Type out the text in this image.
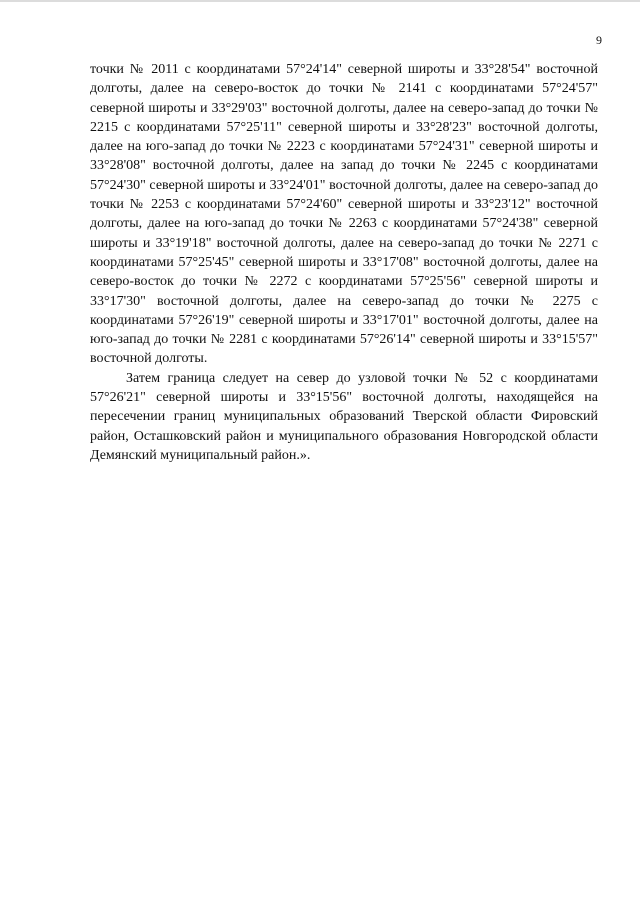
9

точки № 2011 с координатами 57°24'14" северной широты и 33°28'54" восточной долготы, далее на северо-восток до точки № 2141 с координатами 57°24'57" северной широты и 33°29'03" восточной долготы, далее на северо-запад до точки № 2215 с координатами 57°25'11" северной широты и 33°28'23" восточной долготы, далее на юго-запад до точки № 2223 с координатами 57°24'31" северной широты и 33°28'08" восточной долготы, далее на запад до точки № 2245 с координатами 57°24'30" северной широты и 33°24'01" восточной долготы, далее на северо-запад до точки № 2253 с координатами 57°24'60" северной широты и 33°23'12" восточной долготы, далее на юго-запад до точки № 2263 с координатами 57°24'38" северной широты и 33°19'18" восточной долготы, далее на северо-запад до точки № 2271 с координатами 57°25'45" северной широты и 33°17'08" восточной долготы, далее на северо-восток до точки № 2272 с координатами 57°25'56" северной широты и 33°17'30" восточной долготы, далее на северо-запад до точки № 2275 с координатами 57°26'19" северной широты и 33°17'01" восточной долготы, далее на юго-запад до точки № 2281 с координатами 57°26'14" северной широты и 33°15'57" восточной долготы.

Затем граница следует на север до узловой точки № 52 с координатами 57°26'21" северной широты и 33°15'56" восточной долготы, находящейся на пересечении границ муниципальных образований Тверской области Фировский район, Осташковский район и муниципального образования Новгородской области Демянский муниципальный район.».
